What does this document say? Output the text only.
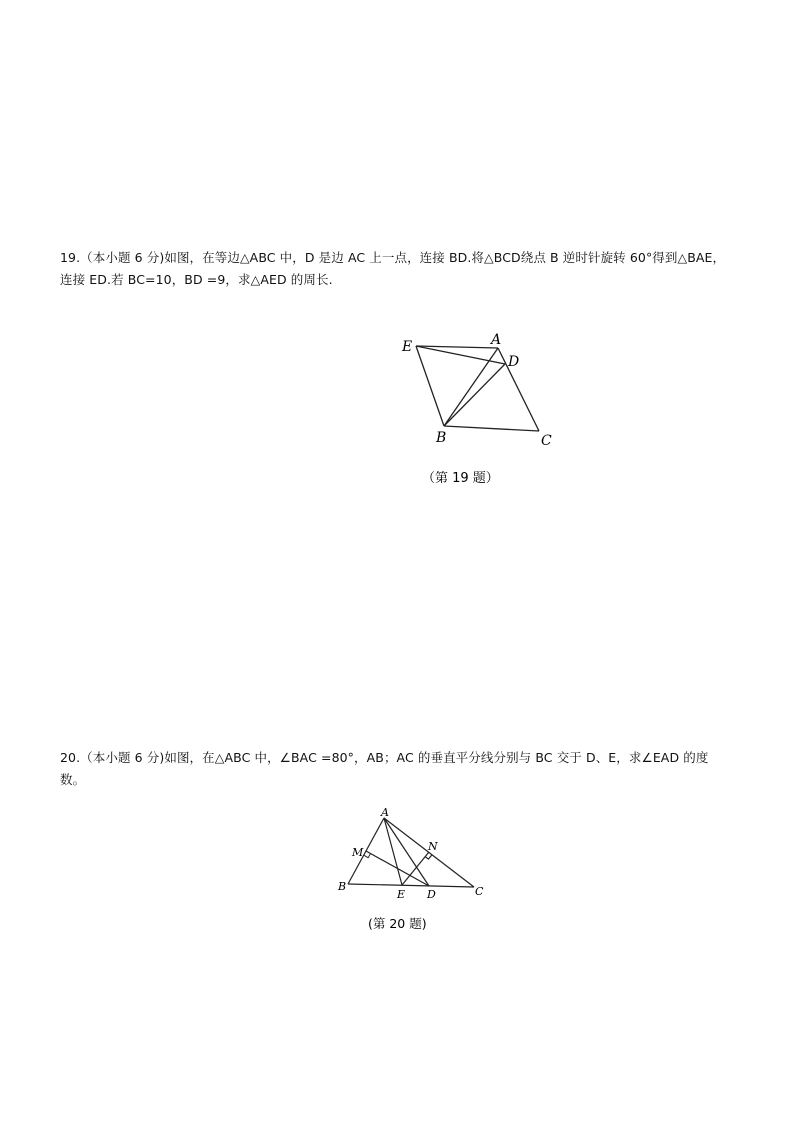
19.（本小题 6 分)如图，在等边△ABC 中，D 是边 AC 上一点，连接 BD.将△BCD绕点 B 逆时针旋转 60°得到△BAE，连接 ED.若 BC=10，BD =9，求△AED 的周长.
E	A
D
B	C
（第 19 题）
20.（本小题 6 分)如图，在△ABC 中，∠BAC =80°，AB；AC 的垂直平分线分别与 BC 交于 D、E，求∠EAD 的度数。
A
M	N
B
E D	C
(第 20 题)
